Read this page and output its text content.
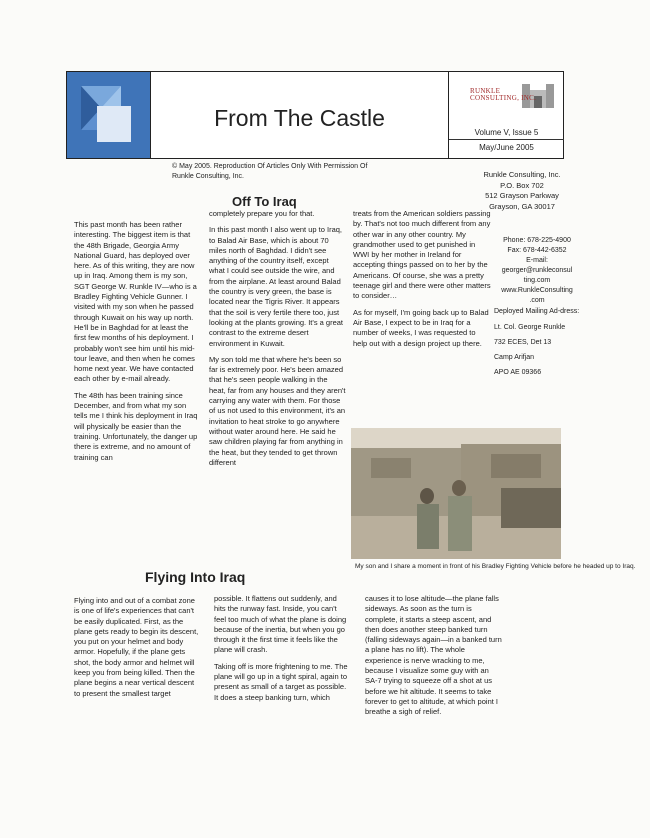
From The Castle
RUNKLE
CONSULTING, INC.
Volume V, Issue 5
May/June 2005
© May 2005. Reproduction Of Articles Only With Permission Of
Runkle Consulting, Inc.	Runkle Consulting, Inc.
P.O. Box 702
512 Grayson Parkway
Grayson, GA 30017
Off To Iraq

This past month has been rather interesting. The biggest item is that the 48th Brigade, Georgia Army National Guard, has deployed over here. As of this writing, they are now up in Iraq. Among them is my son, SGT George W. Runkle IV—who is a Bradley Fighting Vehicle Gunner. I visited with my son when he passed through Kuwait on his way up north. He'll be in Baghdad for at least the first few months of his deployment. I probably won't see him until his mid-tour leave, and then when he comes home next year. We have contacted each other by e-mail already.

The 48th has been training since December, and from what my son tells me I think his deployment in Iraq will physically be easier than the training. Unfortunately, the danger up there is extreme, and no amount of training can

completely prepare you for that.

In this past month I also went up to Iraq, to Balad Air Base, which is about 70 miles north of Baghdad. I didn't see anything of the country itself, except what I could see outside the wire, and from the airplane. At least around Balad the country is very green, the base is located near the Tigris River. It appears that the soil is very fertile there too, just looking at the plants growing. It's a great contrast to the extreme desert environment in Kuwait.

My son told me that where he's been so far is extremely poor. He's been amazed that he's seen people walking in the heat, far from any houses and they aren't carrying any water with them. For those of us not used to this environment, it's an invitation to heat stroke to go anywhere without water around here. He said he saw children playing far from anything in the heat, but they tended to get thrown different

treats from the American soldiers passing by. That's not too much different from any other war in any other country. My grandmother used to get punished in WWI by her mother in Ireland for accepting things passed on to her by the Americans. Of course, she was a pretty teenage girl and there were other matters to consider…

As for myself, I'm going back up to Balad Air Base, I expect to be in Iraq for a number of weeks, I was requested to help out with a design project up there.

Phone: 678-225-4900
Fax: 678-442-6352
E-mail:
georger@runkleconsul
ting.com
www.RunkleConsulting
.com
Deployed Mailing Ad-dress:
Lt. Col. George Runkle
732 ECES, Det 13
Camp Arifjan
APO AE 09366
My son and I share a moment in front of his Bradley Fighting Vehicle before he headed up to Iraq.
Flying Into Iraq

Flying into and out of a combat zone is one of life's experiences that can't be easily duplicated. First, as the plane gets ready to begin its descent, you put on your helmet and body armor. Hopefully, if the plane gets shot, the body armor and helmet will keep you from being killed. Then the plane begins a near vertical descent to present the smallest target

possible. It flattens out suddenly, and hits the runway fast. Inside, you can't feel too much of what the plane is doing because of the inertia, but when you go through it the first time it feels like the plane will crash.

Taking off is more frightening to me. The plane will go up in a tight spiral, again to present as small of a target as possible. It does a steep banking turn, which

causes it to lose altitude—the plane falls sideways. As soon as the turn is complete, it starts a steep ascent, and then does another steep banked turn (falling sideways again—in a banked turn a plane has no lift). The whole experience is nerve wracking to me, because I visualize some guy with an SA-7 trying to squeeze off a shot at us before we hit altitude. It seems to take forever to get to altitude, at which point I breathe a sigh of relief.
